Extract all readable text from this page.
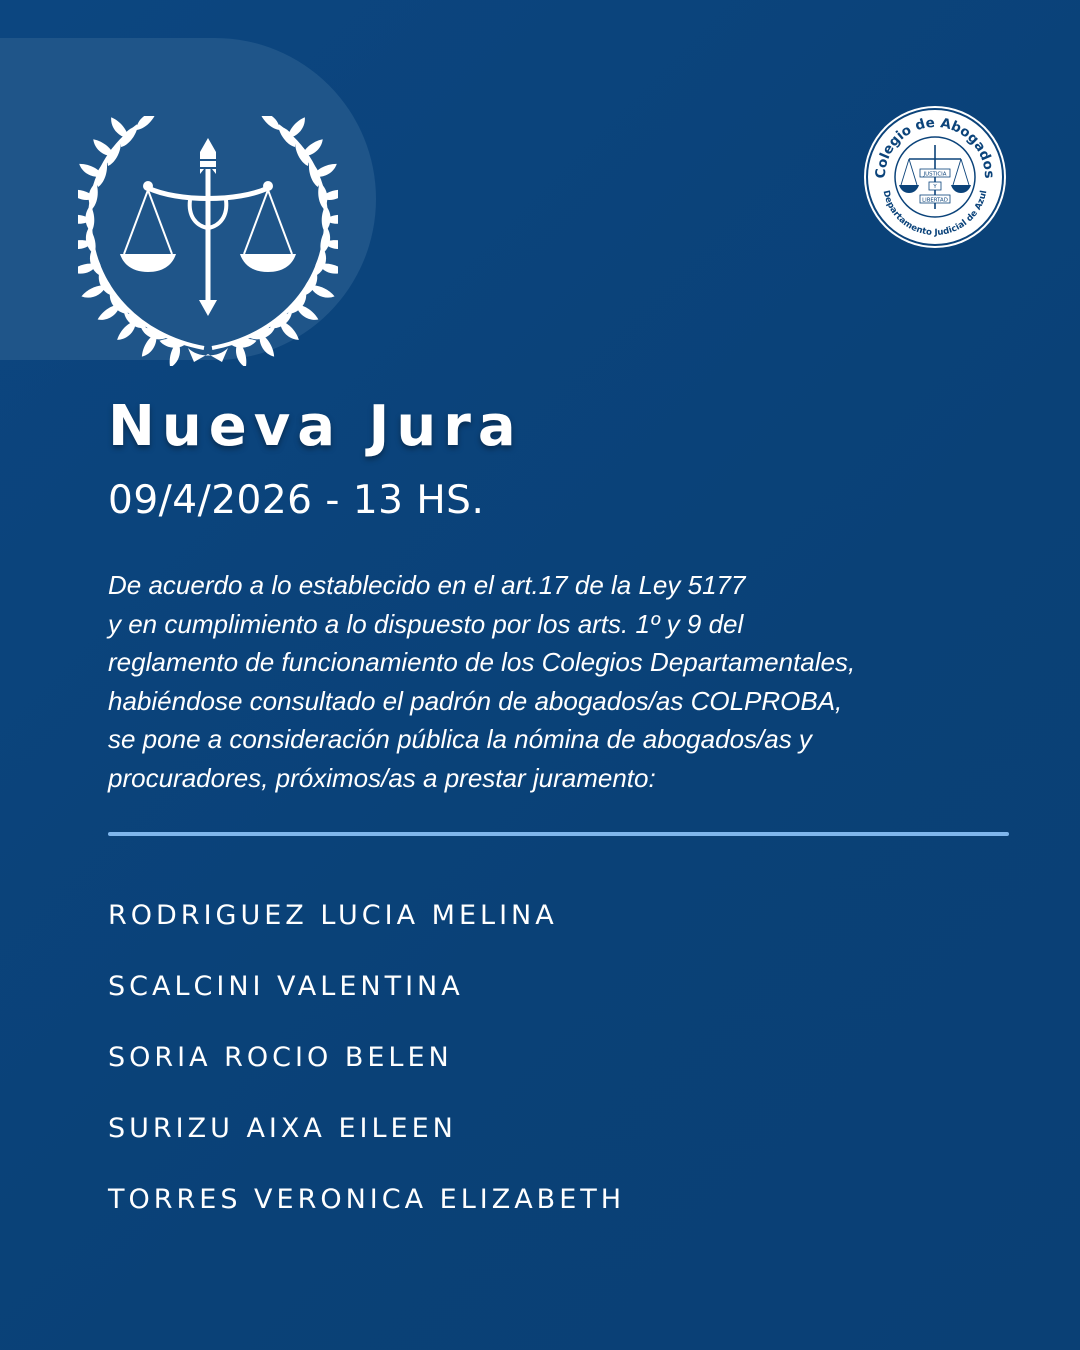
Colegio de Abogados
Departamento Judicial de Azul
JUSTICIA
Y
LIBERTAD
Nueva Jura
09/4/2026 - 13 HS.

De acuerdo a lo establecido en el art.17 de la Ley 5177
y en cumplimiento a lo dispuesto por los arts. 1º y 9 del
reglamento de funcionamiento de los Colegios Departamentales,
habiéndose consultado el padrón de abogados/as COLPROBA,
se pone a consideración pública la nómina de abogados/as y
procuradores, próximos/as a prestar juramento:

RODRIGUEZ LUCIA MELINA
SCALCINI VALENTINA
SORIA ROCIO BELEN
SURIZU AIXA EILEEN
TORRES VERONICA ELIZABETH
